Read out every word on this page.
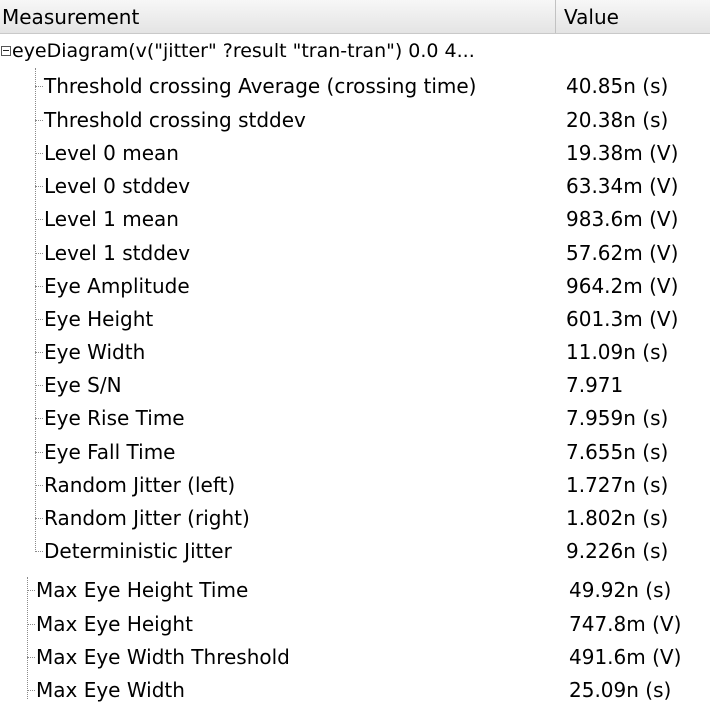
Measurement	Value
eyeDiagram(v("jitter" ?result "tran-tran") 0.0 4...
Threshold crossing Average (crossing time)	40.85n (s)
Threshold crossing stddev	20.38n (s)
Level 0 mean	19.38m (V)
Level 0 stddev	63.34m (V)
Level 1 mean	983.6m (V)
Level 1 stddev	57.62m (V)
Eye Amplitude	964.2m (V)
Eye Height	601.3m (V)
Eye Width	11.09n (s)
Eye S/N	7.971
Eye Rise Time	7.959n (s)
Eye Fall Time	7.655n (s)
Random Jitter (left)	1.727n (s)
Random Jitter (right)	1.802n (s)
Deterministic Jitter	9.226n (s)
Max Eye Height Time	49.92n (s)
Max Eye Height	747.8m (V)
Max Eye Width Threshold	491.6m (V)
Max Eye Width	25.09n (s)
